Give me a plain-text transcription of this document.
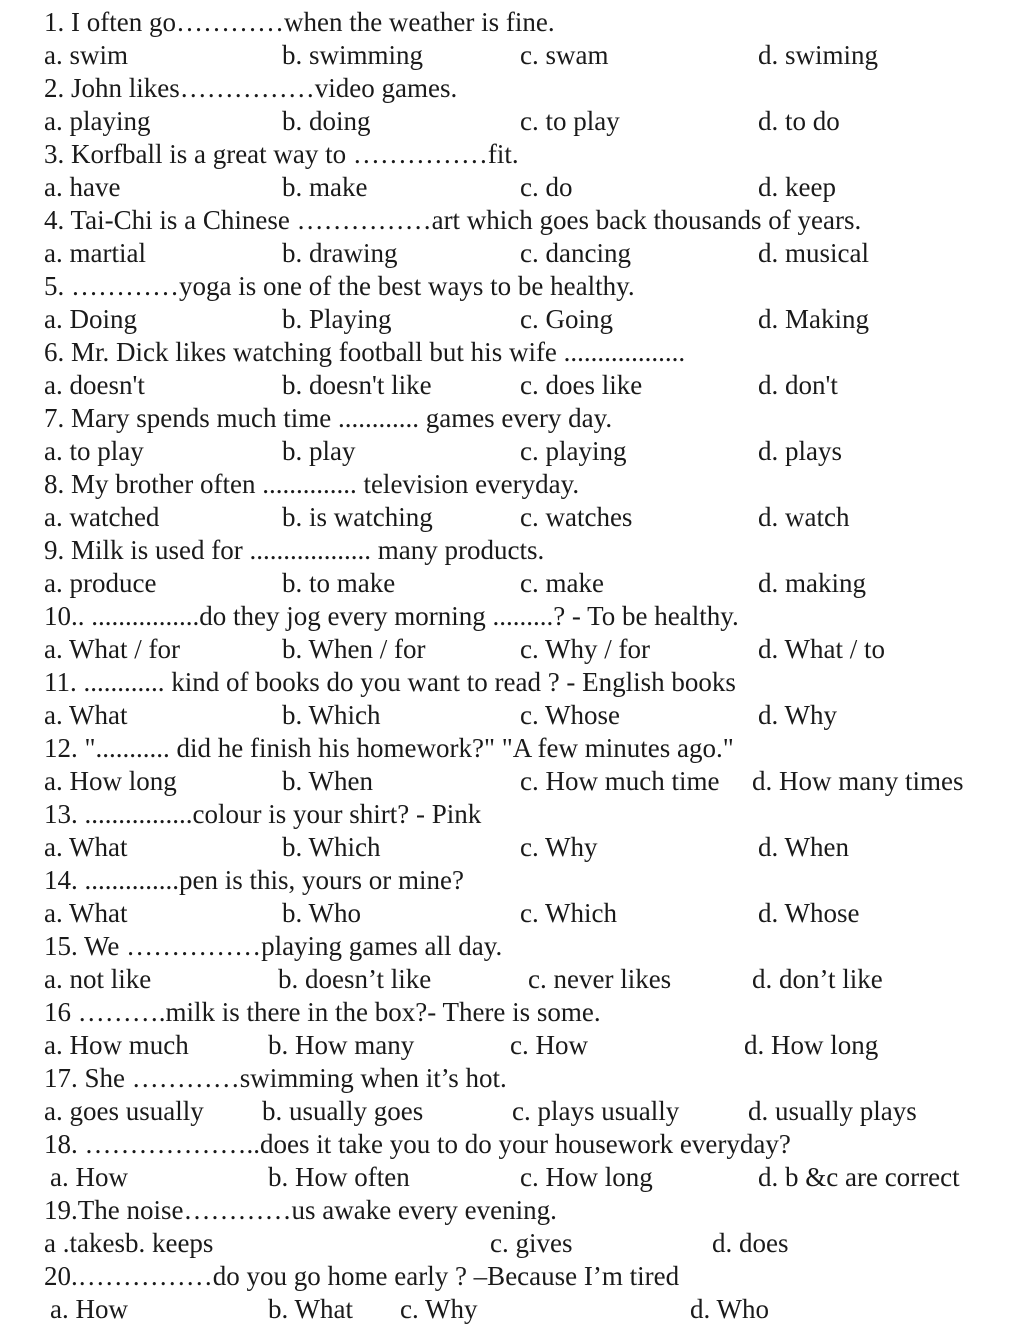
1. I often go…………when the weather is fine.
a. swim	b. swimming	c. swam	d. swiming
2. John likes……………video games.
a. playing	b. doing	c. to play	d. to do
3. Korfball is a great way to ……………fit.
a. have	b. make	c. do	d. keep
4. Tai-Chi is a Chinese ……………art which goes back thousands of years.
a. martial	b. drawing	c. dancing	d. musical
5. …………yoga is one of the best ways to be healthy.
a. Doing	b. Playing	c. Going	d. Making
6. Mr. Dick likes watching football but his wife ..................
a. doesn't	b. doesn't like	c. does like	d. don't
7. Mary spends much time ............ games every day.
a. to play	b. play	c. playing	d. plays
8. My brother often .............. television everyday.
a. watched	b. is watching	c. watches	d. watch
9. Milk is used for .................. many products.
a. produce	b. to make	c. make	d. making
10.. ................do they jog every morning .........? - To be healthy.
a. What / for	b. When / for	c. Why / for	d. What / to
11. ............ kind of books do you want to read ? - English books
a. What	b. Which	c. Whose	d. Why
12. "........... did he finish his homework?" "A few minutes ago."
a. How long	b. When	c. How much time d. How many times
13. ................colour is your shirt? - Pink
a. What	b. Which	c. Why	d. When
14. ..............pen is this, yours or mine?
a. What	b. Who	c. Which	d. Whose
15. We ……………playing games all day.
a. not like	b. doesn’t like	c. never likes	d. don’t like
16 ……….milk is there in the box?- There is some.
a. How much	b. How many	c. How	d. How long
17. She …………swimming when it’s hot.
a. goes usually b. usually goes	c. plays usually	d. usually plays
18. ………………..does it take you to do your housework everyday?
a. How	b. How often	c. How long	d. b &c are correct
19.The noise…………us awake every evening.
a .takesb. keeps	c. gives	d. does
20.……………do you go home early ? –Because I’m tired
a. How	b. What c. Why	d. Who
